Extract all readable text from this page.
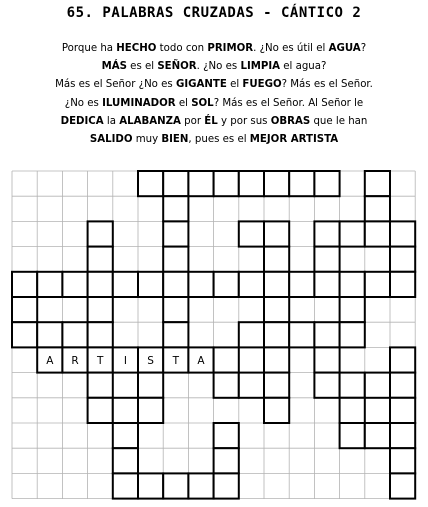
65. PALABRAS CRUZADAS - CÁNTICO 2
Porque ha HECHO todo con PRIMOR. ¿No es útil el AGUA?
MÁS es el SEÑOR. ¿No es LIMPIA el agua?
Más es el Señor ¿No es GIGANTE el FUEGO? Más es el Señor.
¿No es ILUMINADOR el SOL? Más es el Señor. Al Señor le
DEDICA la ALABANZA por ÉL y por sus OBRAS que le han
SALIDO muy BIEN, pues es el MEJOR ARTISTA
A R T I S T A
